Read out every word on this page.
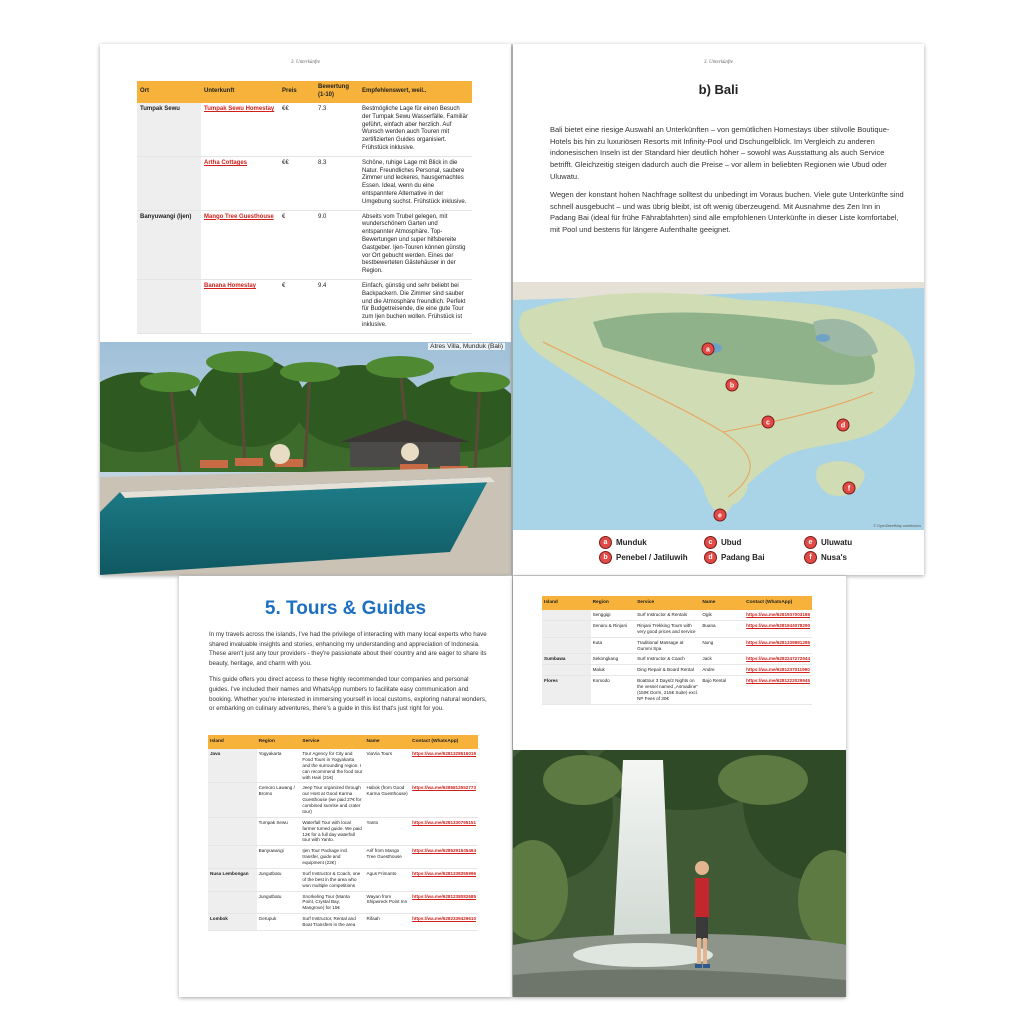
3. Unterkünfte
Ort	Unterkunft	Preis	Bewertung (1-10)	Empfehlenswert, weil..
Tumpak Sewu	Tumpak Sewu Homestay	€€	7.3	Bestmögliche Lage für einen Besuch der Tumpak Sewu Wasserfälle. Familiär geführt, einfach aber herzlich. Auf Wunsch werden auch Touren mit zertifizierten Guides organisiert. Frühstück inklusive.
	Artha Cottages	€€	8.3	Schöne, ruhige Lage mit Blick in die Natur. Freundliches Personal, saubere Zimmer und leckeres, hausgemachtes Essen. Ideal, wenn du eine entspanntere Alternative in der Umgebung suchst. Frühstück inklusive.
Banyuwangi (Ijen)	Mango Tree Guesthouse	€	9.0	Abseits vom Trubel gelegen, mit wunderschönem Garten und entspannter Atmosphäre. Top-Bewertungen und super hilfsbereite Gastgeber. Ijen-Touren können günstig vor Ort gebucht werden. Eines der bestbewerteten Gästehäuser in der Region.
	Banana Homestay	€	9.4	Einfach, günstig und sehr beliebt bei Backpackern. Die Zimmer sind sauber und die Atmosphäre freundlich. Perfekt für Budgetreisende, die eine gute Tour zum Ijen buchen wollen. Frühstück ist inklusive.
Atres Villa, Munduk (Bali)
3. Unterkünfte
b) Bali

Bali bietet eine riesige Auswahl an Unterkünften – von gemütlichen Homestays über stilvolle Boutique-Hotels bis hin zu luxuriösen Resorts mit Infinity-Pool und Dschungelblick. Im Vergleich zu anderen indonesischen Inseln ist der Standard hier deutlich höher – sowohl was Ausstattung als auch Service betrifft. Gleichzeitig steigen dadurch auch die Preise – vor allem in beliebten Regionen wie Ubud oder Uluwatu.

Wegen der konstant hohen Nachfrage solltest du unbedingt im Voraus buchen. Viele gute Unterkünfte sind schnell ausgebucht – und was übrig bleibt, ist oft wenig überzeugend. Mit Ausnahme des Zen Inn in Padang Bai (ideal für frühe Fährabfahrten) sind alle empfohlenen Unterkünfte in dieser Liste komfortabel, mit Pool und bestens für längere Aufenthalte geeignet.

a
b
c	d
e
f
© OpenStreetMap contributors
a	Munduk
b	Penebel / Jatiluwih
c	Ubud
d	Padang Bai
e	Uluwatu
f	Nusa's
5. Tours & Guides

In my travels across the islands, I've had the privilege of interacting with many local experts who have shared invaluable insights and stories, enhancing my understanding and appreciation of Indonesia. These aren't just any tour providers - they're passionate about their country and are eager to share its beauty, heritage, and charm with you.

This guide offers you direct access to these highly recommended tour companies and personal guides. I've included their names and WhatsApp numbers to facilitate easy communication and booking. Whether you're interested in immersing yourself in local customs, exploring natural wonders, or embarking on culinary adventures, there's a guide in this list that's just right for you.

Island	Region	Service	Name	Contact (WhatsApp)
Java	Yogyakarta	Tour Agency for City and Food Tours in Yogyakarta and the surrounding region. I can recommend the food tour with Hairi (21€)	ViaVia Tours	https://wa.me/6281328516019
	Cemoro Lawang / Bromo	Jeep Tour organized through our Host at Good Karma Guesthouse (we paid 27€ for combined sunrise and crater tour)	Habok (from Good Karma Guesthouse)	https://wa.me/6285812552773
	Tumpak Sewu	Waterfall Tour with local farmer turned guide. We paid 12€ for a full day waterfall tour with Yanto.	Yanto	https://wa.me/6281330795151
	Banyuwangi	Ijen Tour Package incl. transfer, guide and equipment (22€)	Arif from Mango Tree Guesthouse	https://wa.me/6285291545464
Nusa Lembongan	Jungutbatu	Surf Instructor & Coach, one of the best in the area who won multiple competitions	Agus Frimanto	https://wa.me/6281338355996
	Jungutbatu	Snorkeling Tour (Manta Point, Crystal Bay, Mangrove) for 15€	Wayan from Shipwreck Point Inn	https://wa.me/6281238082685
Lombok	Gerupuk	Surf Instructor, Rental and Boat Transfers in the area	Rifaah	https://wa.me/6282339429610
Island	Region	Service	Name	Contact (WhatsApp)
	Senggigi	Surf Instructor & Rentals	Ogik	https://wa.me/6281937003186
	Senaru & Rinjani	Rinjani Trekking Tours with very good prices and service	Buana	https://wa.me/6281944078290
	Kuta	Traditional Massage at Gummi Spa	Nung	https://wa.me/6281339881285
Sumbawa	Sekongkang	Surf Instructor & Coach	Jack	https://wa.me/6282247272944
	Maluk	Ding Repair & Board Rental	Andre	https://wa.me/6281237011990
Flores	Komodo	Boattour 3 Days/2 Nights on the vessel named „Asmadine" (150€ Dorm, 215€ Suite) excl. NP Fees of 30€	Bajo Rental	https://wa.me/6281222029945
